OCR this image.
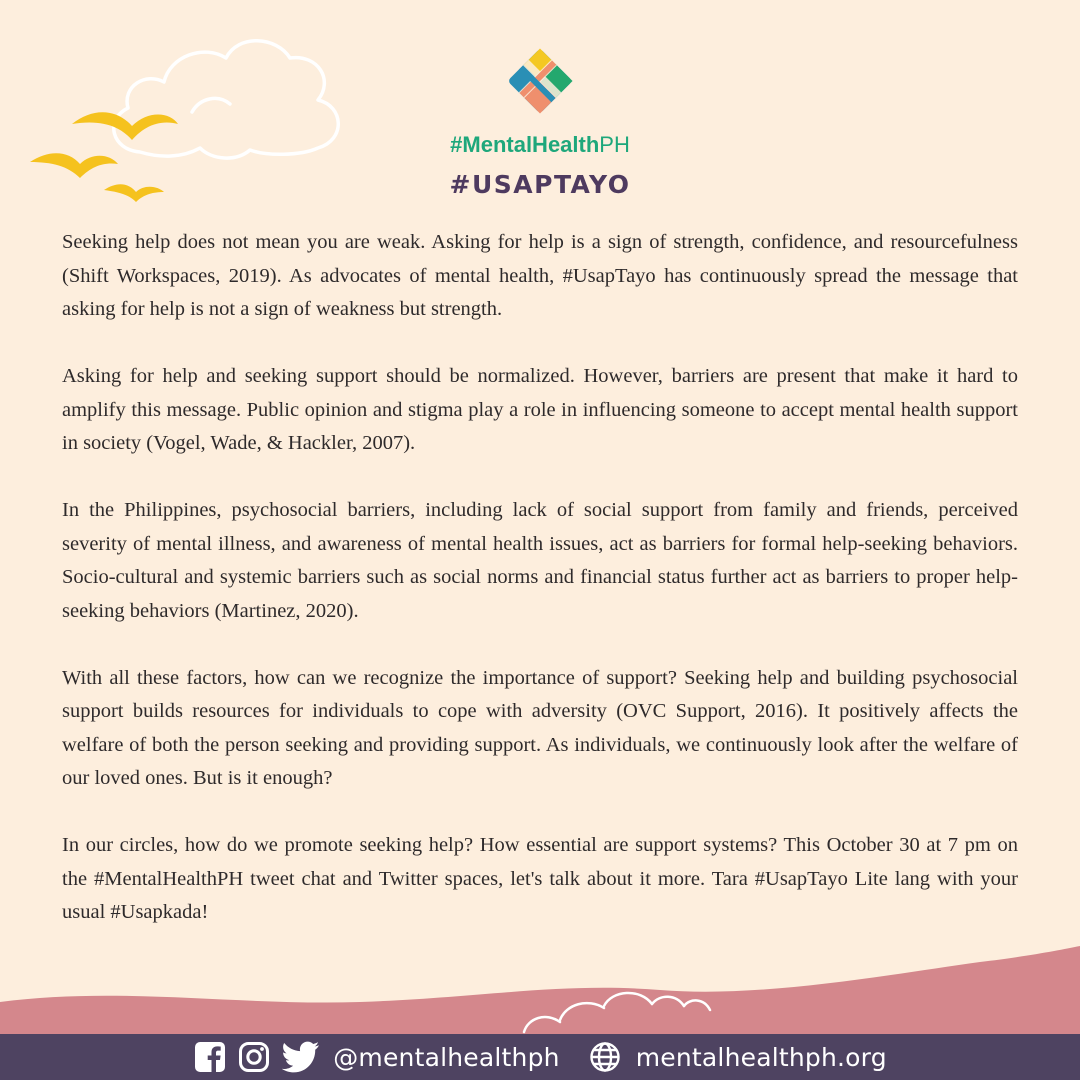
#MentalHealthPH
#USAPTAYO

Seeking help does not mean you are weak. Asking for help is a sign of strength, confidence, and resourcefulness (Shift Workspaces, 2019). As advocates of mental health, #UsapTayo has continuously spread the message that asking for help is not a sign of weakness but strength.

Asking for help and seeking support should be normalized. However, barriers are present that make it hard to amplify this message. Public opinion and stigma play a role in influencing someone to accept mental health support in society (Vogel, Wade, & Hackler, 2007).

In the Philippines, psychosocial barriers, including lack of social support from family and friends, perceived severity of mental illness, and awareness of mental health issues, act as barriers for formal help-seeking behaviors. Socio-cultural and systemic barriers such as social norms and financial status further act as barriers to proper help-seeking behaviors (Martinez, 2020).

With all these factors, how can we recognize the importance of support? Seeking help and building psychosocial support builds resources for individuals to cope with adversity (OVC Support, 2016). It positively affects the welfare of both the person seeking and providing support. As individuals, we continuously look after the welfare of our loved ones. But is it enough?

In our circles, how do we promote seeking help? How essential are support systems? This October 30 at 7 pm on the #MentalHealthPH tweet chat and Twitter spaces, let's talk about it more. Tara #UsapTayo Lite lang with your usual #Usapkada!

@mentalhealthph	mentalhealthph.org
